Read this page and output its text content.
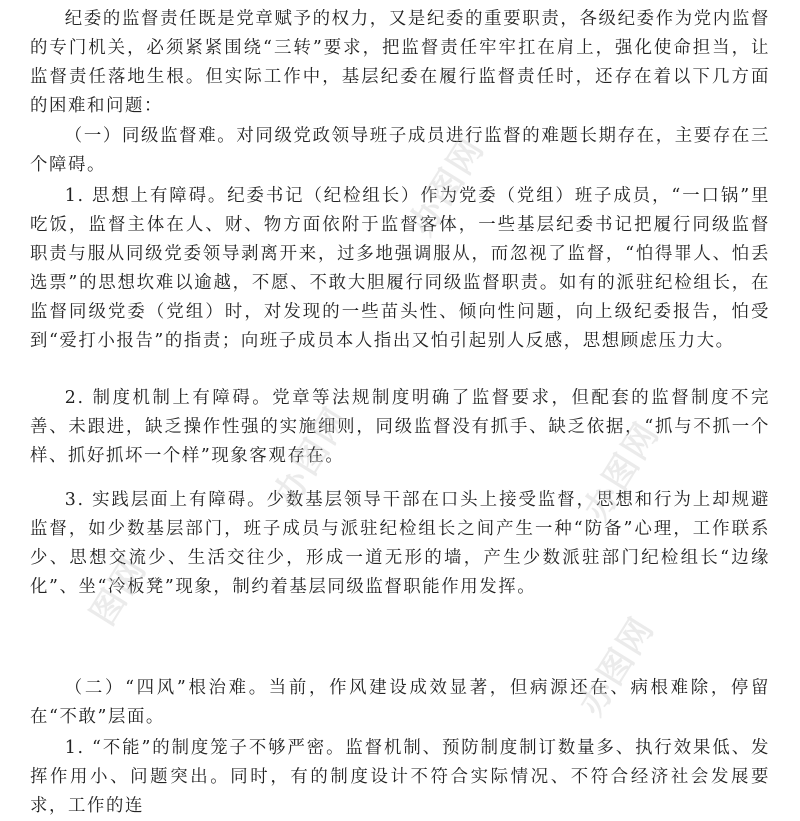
纪委的监督责任既是党章赋予的权力，又是纪委的重要职责，各级纪委作为党内监督的专门机关，必须紧紧围绕“三转”要求，把监督责任牢牢扛在肩上，强化使命担当，让监督责任落地生根。但实际工作中，基层纪委在履行监督责任时，还存在着以下几方面的困难和问题：

（一）同级监督难。对同级党政领导班子成员进行监督的难题长期存在，主要存在三个障碍。

1. 思想上有障碍。纪委书记（纪检组长）作为党委（党组）班子成员，“一口锅”里吃饭，监督主体在人、财、物方面依附于监督客体，一些基层纪委书记把履行同级监督职责与服从同级党委领导剥离开来，过多地强调服从，而忽视了监督，“怕得罪人、怕丢选票”的思想坎难以逾越，不愿、不敢大胆履行同级监督职责。如有的派驻纪检组长，在监督同级党委（党组）时，对发现的一些苗头性、倾向性问题，向上级纪委报告，怕受到“爱打小报告”的指责；向班子成员本人指出又怕引起别人反感，思想顾虑压力大。

2. 制度机制上有障碍。党章等法规制度明确了监督要求，但配套的监督制度不完善、未跟进，缺乏操作性强的实施细则，同级监督没有抓手、缺乏依据，“抓与不抓一个样、抓好抓坏一个样”现象客观存在。

3. 实践层面上有障碍。少数基层领导干部在口头上接受监督，思想和行为上却规避监督，如少数基层部门，班子成员与派驻纪检组长之间产生一种“防备”心理，工作联系少、思想交流少、生活交往少，形成一道无形的墙，产生少数派驻部门纪检组长“边缘化”、坐“冷板凳”现象，制约着基层同级监督职能作用发挥。

（二）“四风”根治难。当前，作风建设成效显著，但病源还在、病根难除，停留在“不敢”层面。

1. “不能”的制度笼子不够严密。监督机制、预防制度制订数量多、执行效果低、发挥作用小、问题突出。同时，有的制度设计不符合实际情况、不符合经济社会发展要求，工作的连

办图网
办图网	办图网
图网
办图网
